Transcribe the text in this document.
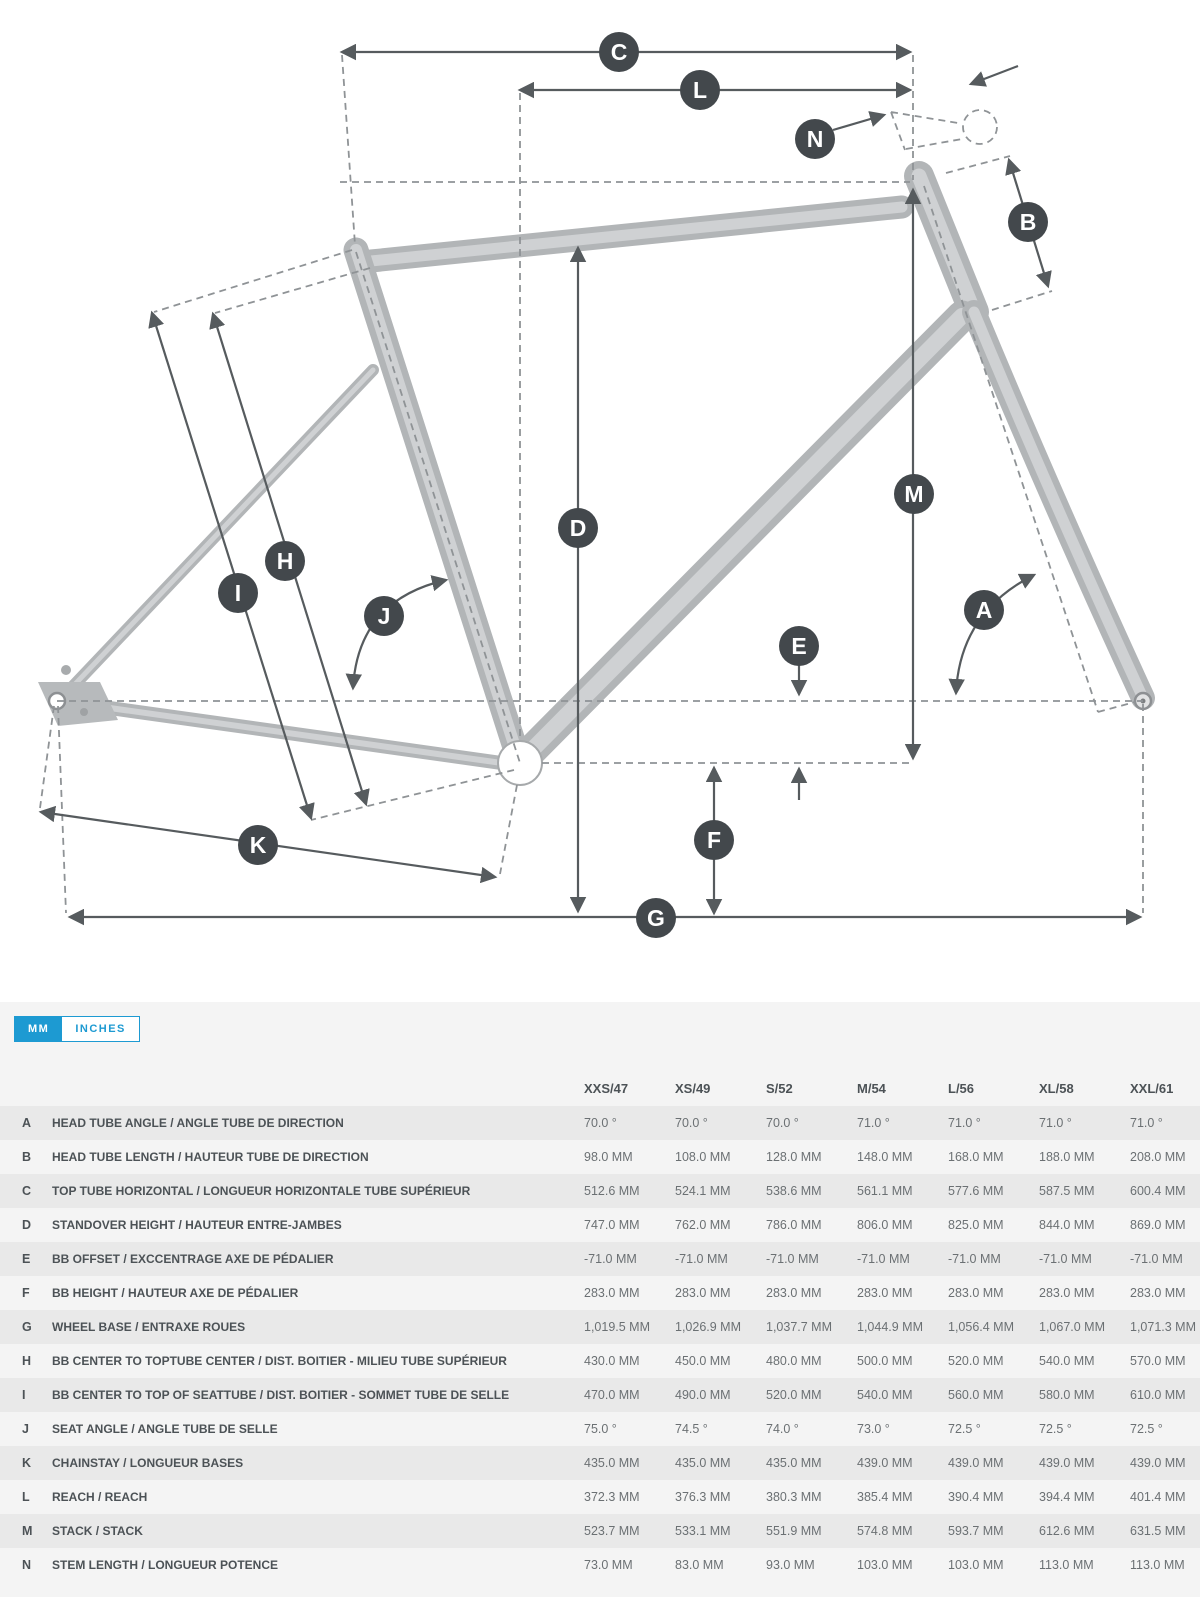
C
L
N
B
M
D
H
I
J	A
E
F
K
G
MM	INCHES
XXS/47	XS/49	S/52	M/54	L/56	XL/58	XXL/61
A	HEAD TUBE ANGLE / ANGLE TUBE DE DIRECTION	70.0 °	70.0 °	70.0 °	71.0 °	71.0 °	71.0 °	71.0 °
B	HEAD TUBE LENGTH / HAUTEUR TUBE DE DIRECTION	98.0 MM	108.0 MM	128.0 MM	148.0 MM	168.0 MM	188.0 MM	208.0 MM
C	TOP TUBE HORIZONTAL / LONGUEUR HORIZONTALE TUBE SUPÉRIEUR	512.6 MM	524.1 MM	538.6 MM	561.1 MM	577.6 MM	587.5 MM	600.4 MM
D	STANDOVER HEIGHT / HAUTEUR ENTRE-JAMBES	747.0 MM	762.0 MM	786.0 MM	806.0 MM	825.0 MM	844.0 MM	869.0 MM
E	BB OFFSET / EXCCENTRAGE AXE DE PÉDALIER	-71.0 MM	-71.0 MM	-71.0 MM	-71.0 MM	-71.0 MM	-71.0 MM	-71.0 MM
F	BB HEIGHT / HAUTEUR AXE DE PÉDALIER	283.0 MM	283.0 MM	283.0 MM	283.0 MM	283.0 MM	283.0 MM	283.0 MM
G	WHEEL BASE / ENTRAXE ROUES	1,019.5 MM	1,026.9 MM	1,037.7 MM	1,044.9 MM	1,056.4 MM	1,067.0 MM	1,071.3 MM
H	BB CENTER TO TOPTUBE CENTER / DIST. BOITIER - MILIEU TUBE SUPÉRIEUR	430.0 MM	450.0 MM	480.0 MM	500.0 MM	520.0 MM	540.0 MM	570.0 MM
I	BB CENTER TO TOP OF SEATTUBE / DIST. BOITIER - SOMMET TUBE DE SELLE	470.0 MM	490.0 MM	520.0 MM	540.0 MM	560.0 MM	580.0 MM	610.0 MM
J	SEAT ANGLE / ANGLE TUBE DE SELLE	75.0 °	74.5 °	74.0 °	73.0 °	72.5 °	72.5 °	72.5 °
K	CHAINSTAY / LONGUEUR BASES	435.0 MM	435.0 MM	435.0 MM	439.0 MM	439.0 MM	439.0 MM	439.0 MM
L	REACH / REACH	372.3 MM	376.3 MM	380.3 MM	385.4 MM	390.4 MM	394.4 MM	401.4 MM
M	STACK / STACK	523.7 MM	533.1 MM	551.9 MM	574.8 MM	593.7 MM	612.6 MM	631.5 MM
N	STEM LENGTH / LONGUEUR POTENCE	73.0 MM	83.0 MM	93.0 MM	103.0 MM	103.0 MM	113.0 MM	113.0 MM
